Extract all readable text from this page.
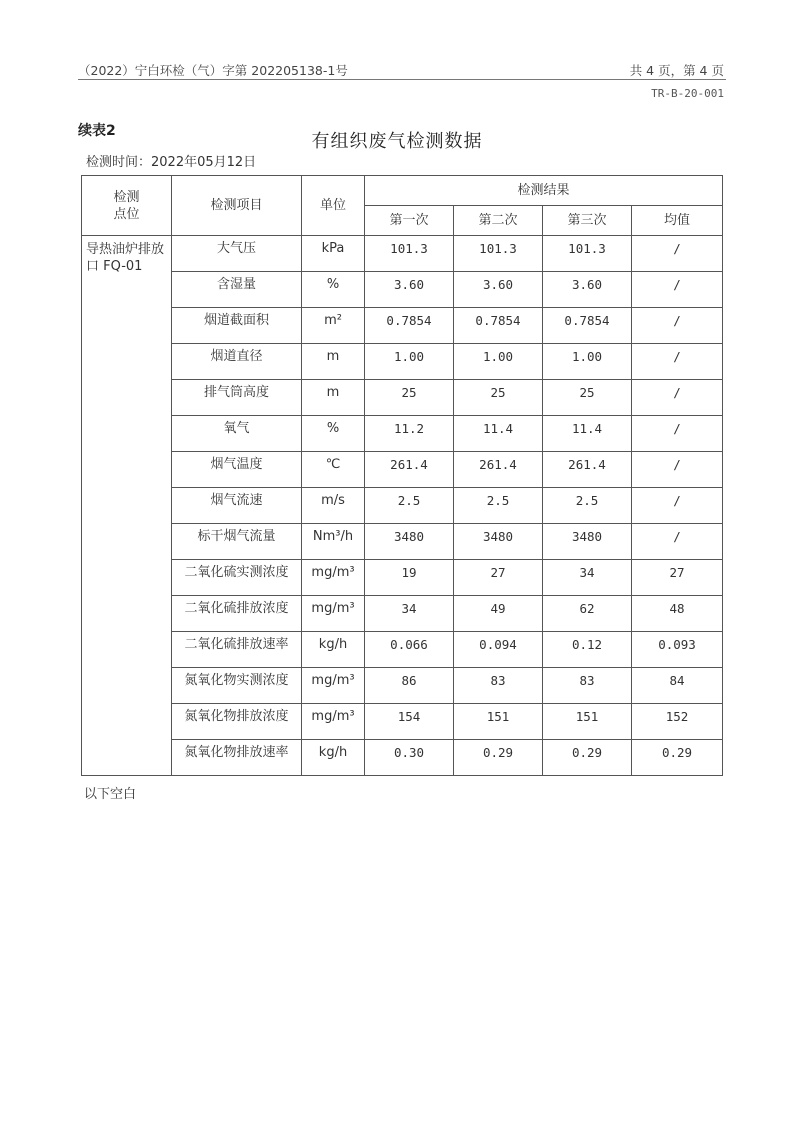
（2022）宁白环检（气）字第 202205138-1号	共 4 页，第 4 页
TR-B-20-001
续表2	有组织废气检测数据
检测时间：2022年05月12日
检测
点位	检测项目	单位	检测结果			
			第一次	第二次	第三次	均值
导热油炉排放口 FQ-01	大气压	kPa	101.3	101.3	101.3	/
	含湿量	%	3.60	3.60	3.60	/
	烟道截面积	m²	0.7854	0.7854	0.7854	/
	烟道直径	m	1.00	1.00	1.00	/
	排气筒高度	m	25	25	25	/
	氧气	%	11.2	11.4	11.4	/
	烟气温度	℃	261.4	261.4	261.4	/
	烟气流速	m/s	2.5	2.5	2.5	/
	标干烟气流量	Nm³/h	3480	3480	3480	/
	二氧化硫实测浓度	mg/m³	19	27	34	27
	二氧化硫排放浓度	mg/m³	34	49	62	48
	二氧化硫排放速率	kg/h	0.066	0.094	0.12	0.093
	氮氧化物实测浓度	mg/m³	86	83	83	84
	氮氧化物排放浓度	mg/m³	154	151	151	152
	氮氧化物排放速率	kg/h	0.30	0.29	0.29	0.29
以下空白
